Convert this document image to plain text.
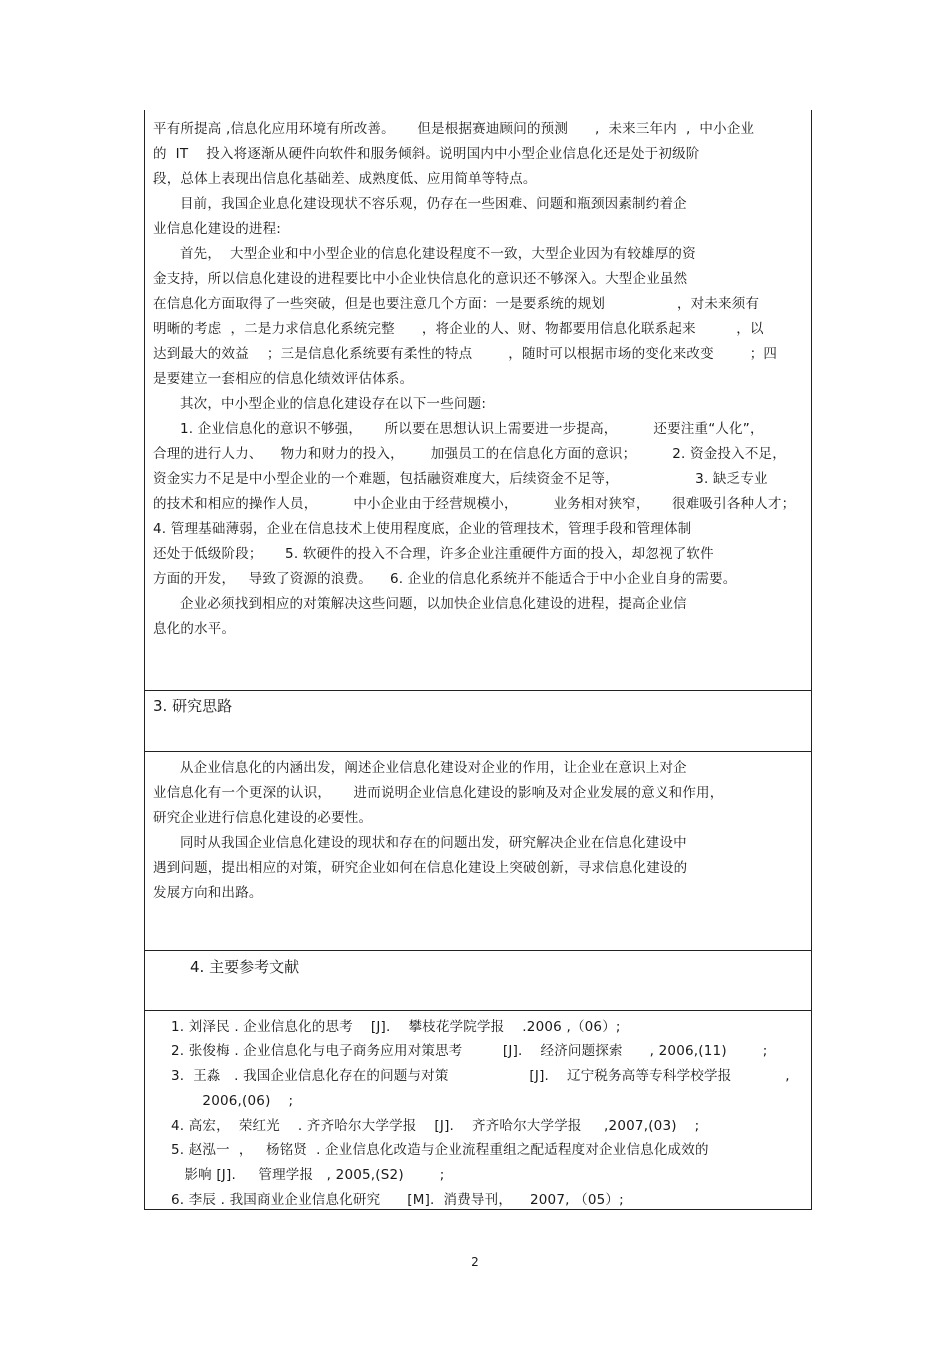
平有所提高 ,信息化应用环境有所改善。     但是根据赛迪顾问的预测      ,  未来三年内  ,  中小企业
的  IT    投入将逐渐从硬件向软件和服务倾斜。说明国内中小型企业信息化还是处于初级阶
段，总体上表现出信息化基础差、成熟度低、应用简单等特点。
目前，我国企业息化建设现状不容乐观，仍存在一些困难、问题和瓶颈因素制约着企
业信息化建设的进程:
首先，  大型企业和中小型企业的信息化建设程度不一致，大型企业因为有较雄厚的资
金支持，所以信息化建设的进程要比中小企业快信息化的意识还不够深入。大型企业虽然
在信息化方面取得了一些突破，但是也要注意几个方面：一是要系统的规划                ，对未来须有
明晰的考虑  ，二是力求信息化系统完整      ，将企业的人、财、物都要用信息化联系起来         ，以
达到最大的效益    ；三是信息化系统要有柔性的特点        ，随时可以根据市场的变化来改变        ；四
是要建立一套相应的信息化绩效评估体系。
其次，中小型企业的信息化建设存在以下一些问题:
1. 企业信息化的意识不够强，     所以要在思想认识上需要进一步提高，        还要注重“人化”，
合理的进行人力、    物力和财力的投入，      加强员工的在信息化方面的意识；        2. 资金投入不足，
资金实力不足是中小型企业的一个难题，包括融资难度大，后续资金不足等，                 3. 缺乏专业
的技术和相应的操作人员，        中小企业由于经营规模小，        业务相对狭窄，     很难吸引各种人才；
4. 管理基础薄弱，企业在信息技术上使用程度底，企业的管理技术，管理手段和管理体制
还处于低级阶段；     5. 软硬件的投入不合理，许多企业注重硬件方面的投入，却忽视了软件
方面的开发，   导致了资源的浪费。    6. 企业的信息化系统并不能适合于中小企业自身的需要。
企业必须找到相应的对策解决这些问题，以加快企业信息化建设的进程，提高企业信
息化的水平。
3. 研究思路
从企业信息化的内涵出发，阐述企业信息化建设对企业的作用，让企业在意识上对企
业信息化有一个更深的认识，     进而说明企业信息化建设的影响及对企业发展的意义和作用，
研究企业进行信息化建设的必要性。
同时从我国企业信息化建设的现状和存在的问题出发，研究解决企业在信息化建设中
遇到问题，提出相应的对策，研究企业如何在信息化建设上突破创新，寻求信息化建设的
发展方向和出路。
4. 主要参考文献
1. 刘泽民 . 企业信息化的思考    [J].    攀枝花学院学报    .2006 ,（06）;
2. 张俊梅 . 企业信息化与电子商务应用对策思考         [J].    经济问题探索      , 2006,(11)        ;
3.  王淼   . 我国企业信息化存在的问题与对策                  [J].    辽宁税务高等专科学校学报            ,
2006,(06)    ;
4. 高宏，  荣红光    . 齐齐哈尔大学学报    [J].    齐齐哈尔大学学报     ,2007,(03)    ;
5. 赵泓一  ，   杨铭贤  . 企业信息化改造与企业流程重组之配适程度对企业信息化成效的
影响 [J].     管理学报   , 2005,(S2)        ;
6. 李辰 . 我国商业企业信息化研究      [M].  消费导刊，    2007, （05）;
2
